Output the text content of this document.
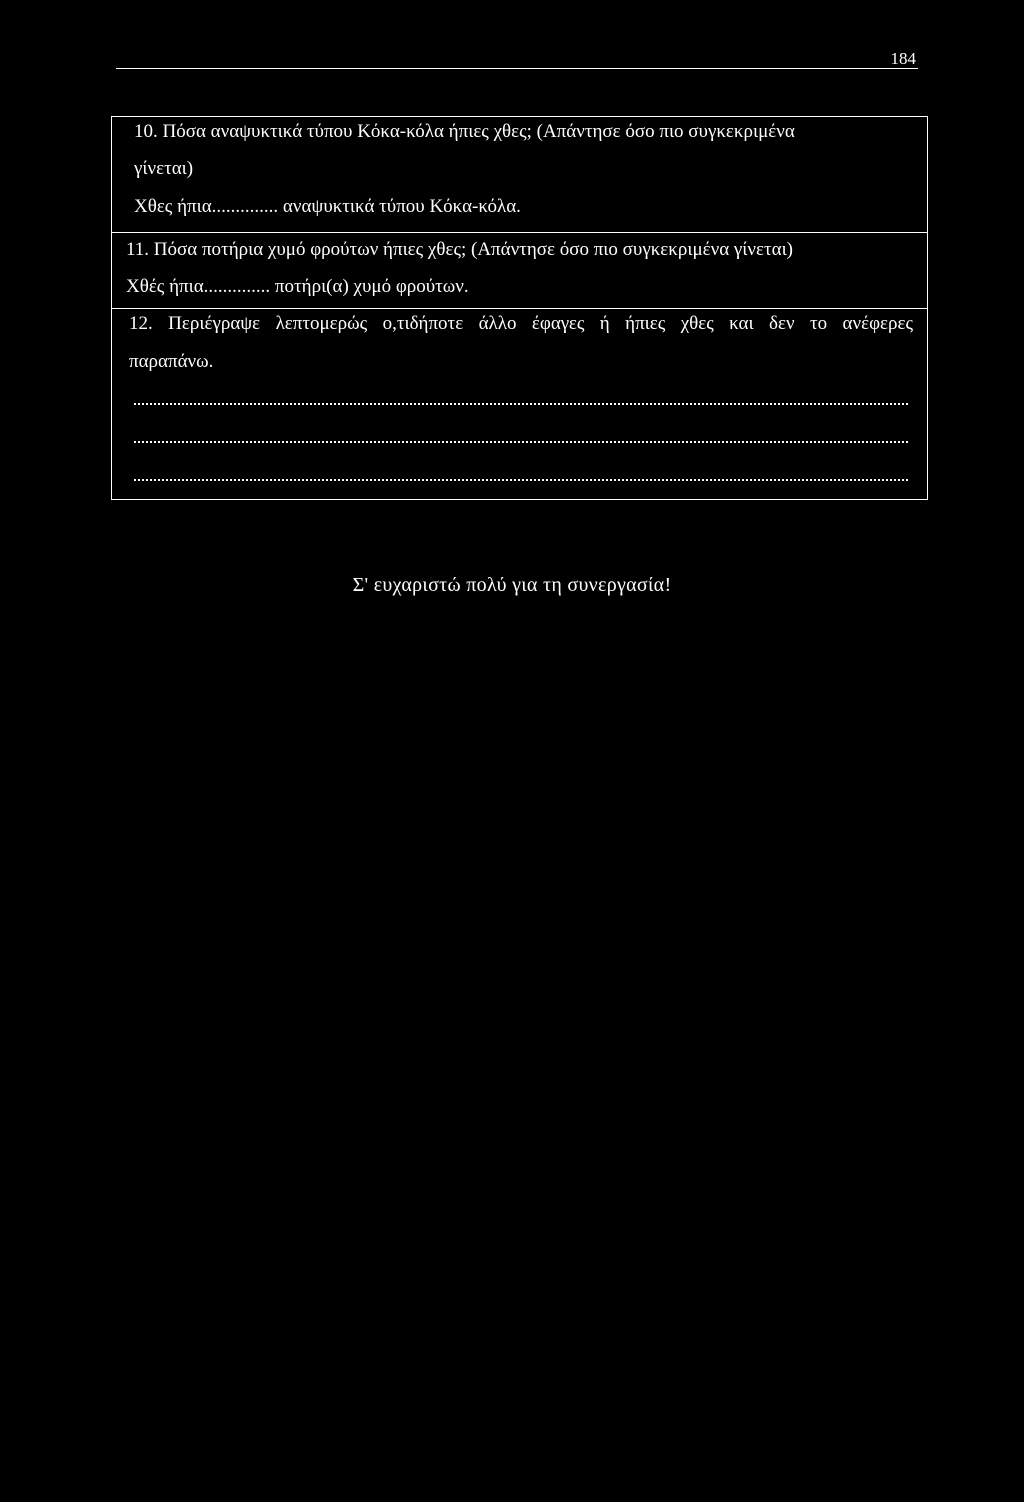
184
10. Πόσα αναψυκτικά τύπου Κόκα-κόλα ήπιες χθες; (Απάντησε όσο πιο συγκεκριμένα
γίνεται)
Χθες ήπια.............. αναψυκτικά τύπου Κόκα-κόλα.
11. Πόσα ποτήρια χυμό φρούτων ήπιες χθες; (Απάντησε όσο πιο συγκεκριμένα γίνεται)
Χθές ήπια.............. ποτήρι(α) χυμό φρούτων.
12. Περιέγραψε λεπτομερώς ο,τιδήποτε άλλο έφαγες ή ήπιες χθες και δεν το ανέφερες
παραπάνω.
Σ' ευχαριστώ πολύ για τη συνεργασία!
